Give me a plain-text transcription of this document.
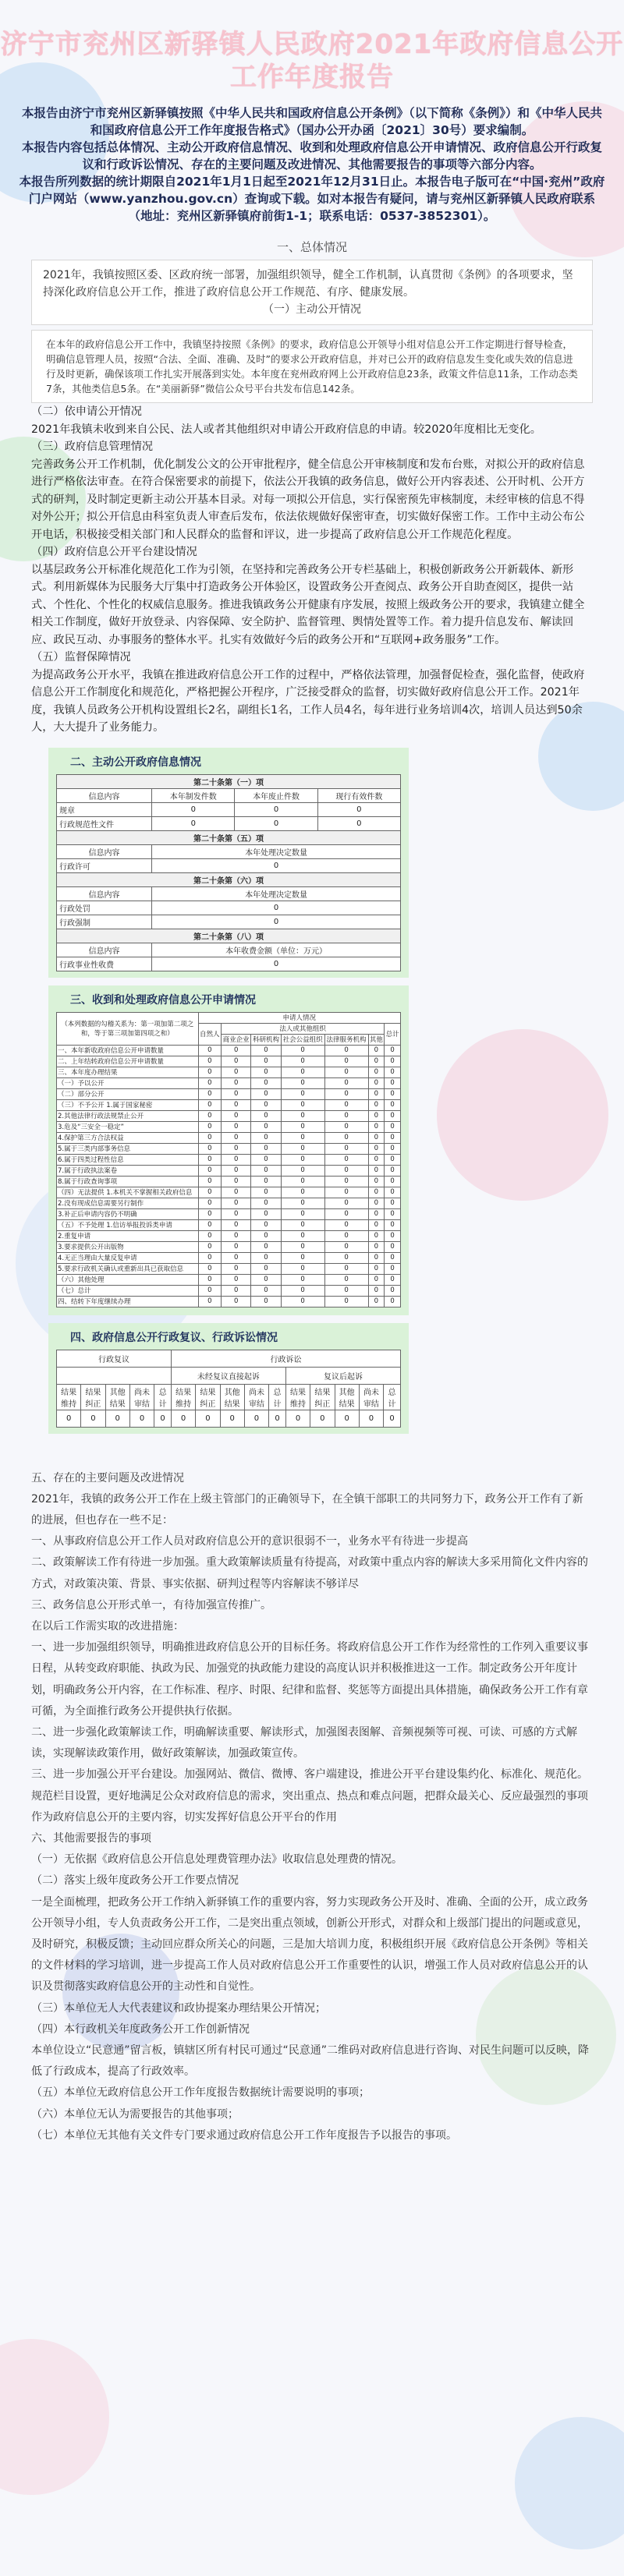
济宁市兖州区新驿镇人民政府2021年政府信息公开工作年度报告

本报告由济宁市兖州区新驿镇按照《中华人民共和国政府信息公开条例》（以下简称《条例》）和《中华人民共和国政府信息公开工作年度报告格式》（国办公开办函〔2021〕30号）要求编制。

本报告内容包括总体情况、主动公开政府信息情况、收到和处理政府信息公开申请情况、政府信息公开行政复议和行政诉讼情况、存在的主要问题及改进情况、其他需要报告的事项等六部分内容。

本报告所列数据的统计期限自2021年1月1日起至2021年12月31日止。本报告电子版可在“中国·兖州”政府门户网站（www.yanzhou.gov.cn）查询或下载。如对本报告有疑问，请与兖州区新驿镇人民政府联系（地址：兖州区新驿镇府前街1-1；联系电话：0537-3852301）。

一、总体情况

2021年，我镇按照区委、区政府统一部署，加强组织领导，健全工作机制，认真贯彻《条例》的各项要求，坚持深化政府信息公开工作，推进了政府信息公开工作规范、有序、健康发展。

（一）主动公开情况

在本年的政府信息公开工作中，我镇坚持按照《条例》的要求，政府信息公开领导小组对信息公开工作定期进行督导检查，明确信息管理人员，按照“合法、全面、准确、及时”的要求公开政府信息，并对已公开的政府信息发生变化或失效的信息进行及时更新，确保该项工作扎实开展落到实处。本年度在兖州政府网上公开政府信息23条，政策文件信息11条，工作动态类7条，其他类信息5条。在“美丽新驿”微信公众号平台共发布信息142条。

（二）依申请公开情况
2021年我镇未收到来自公民、法人或者其他组织对申请公开政府信息的申请。较2020年度相比无变化。
（三）政府信息管理情况
完善政务公开工作机制，优化制发公文的公开审批程序，健全信息公开审核制度和发布台账，对拟公开的政府信息进行严格依法审查。在符合保密要求的前提下，依法公开我镇的政务信息，做好公开内容表述、公开时机、公开方式的研判，及时制定更新主动公开基本目录。对每一项拟公开信息，实行保密预先审核制度，未经审核的信息不得对外公开；拟公开信息由科室负责人审查后发布，依法依规做好保密审查，切实做好保密工作。工作中主动公布公开电话，积极接受相关部门和人民群众的监督和评议，进一步提高了政府信息公开工作规范化程度。
（四）政府信息公开平台建设情况
以基层政务公开标准化规范化工作为引领，在坚持和完善政务公开专栏基础上，积极创新政务公开新载体、新形式。利用新媒体为民服务大厅集中打造政务公开体验区，设置政务公开查阅点、政务公开自助查阅区，提供一站式、个性化、个性化的权威信息服务。推进我镇政务公开健康有序发展，按照上级政务公开的要求，我镇建立健全相关工作制度，做好开放登录、内容保障、安全防护、监督管理、舆情处置等工作。着力提升信息发布、解读回应、政民互动、办事服务的整体水平。扎实有效做好今后的政务公开和“互联网+政务服务”工作。
（五）监督保障情况
为提高政务公开水平，我镇在推进政府信息公开工作的过程中，严格依法管理，加强督促检查，强化监督，使政府信息公开工作制度化和规范化，严格把握公开程序，广泛接受群众的监督，切实做好政府信息公开工作。2021年度，我镇人员政务公开机构设置组长2名，副组长1名，工作人员4名，每年进行业务培训4次，培训人员达到50余人，大大提升了业务能力。
二、主动公开政府信息情况
第二十条第（一）项			
信息内容	本年制发件数	本年废止件数	现行有效件数
规章	0	0	0
行政规范性文件	0	0	0
第二十条第（五）项			
信息内容	本年处理决定数量		
行政许可	0		
第二十条第（六）项			
信息内容	本年处理决定数量		
行政处罚	0		
行政强制	0		
第二十条第（八）项			
信息内容	本年收费金额（单位：万元）		
行政事业性收费	0		
三、收到和处理政府信息公开申请情况
（本列数据的勾稽关系为：第一项加第二项之和，等于第三项加第四项之和）	申请人情况						
	自然人	法人或其他组织					总计
		商业企业	科研机构	社会公益组织	法律服务机构	其他	
一、本年新收政府信息公开申请数量	0	0	0	0	0	0	0
二、上年结转政府信息公开申请数量	0	0	0	0	0	0	0
三、本年度办理结果	0	0	0	0	0	0	0
（一）予以公开	0	0	0	0	0	0	0
（二）部分公开	0	0	0	0	0	0	0
（三）不予公开 1.属于国家秘密	0	0	0	0	0	0	0
2.其他法律行政法规禁止公开	0	0	0	0	0	0	0
3.危及“三安全一稳定”	0	0	0	0	0	0	0
4.保护第三方合法权益	0	0	0	0	0	0	0
5.属于三类内部事务信息	0	0	0	0	0	0	0
6.属于四类过程性信息	0	0	0	0	0	0	0
7.属于行政执法案卷	0	0	0	0	0	0	0
8.属于行政查询事项	0	0	0	0	0	0	0
（四）无法提供 1.本机关不掌握相关政府信息	0	0	0	0	0	0	0
2.没有现成信息需要另行制作	0	0	0	0	0	0	0
3.补正后申请内容仍不明确	0	0	0	0	0	0	0
（五）不予处理 1.信访举报投诉类申请	0	0	0	0	0	0	0
2.重复申请	0	0	0	0	0	0	0
3.要求提供公开出版物	0	0	0	0	0	0	0
4.无正当理由大量反复申请	0	0	0	0	0	0	0
5.要求行政机关确认或重新出具已获取信息	0	0	0	0	0	0	0
（六）其他处理	0	0	0	0	0	0	0
（七）总计	0	0	0	0	0	0	0
四、结转下年度继续办理	0	0	0	0	0	0	0
四、政府信息公开行政复议、行政诉讼情况
行政复议					行政诉讼									
					未经复议直接起诉					复议后起诉				
结果维持	结果纠正	其他结果	尚未审结	总计	结果维持	结果纠正	其他结果	尚未审结	总计	结果维持	结果纠正	其他结果	尚未审结	总计
0	0	0	0	0	0	0	0	0	0	0	0	0	0	0

五、存在的主要问题及改进情况

2021年，我镇的政务公开工作在上级主管部门的正确领导下，在全镇干部职工的共同努力下，政务公开工作有了新的进展，但也存在一些不足：

一、从事政府信息公开工作人员对政府信息公开的意识很弱不一，业务水平有待进一步提高

二、政策解读工作有待进一步加强。重大政策解读质量有待提高，对政策中重点内容的解读大多采用简化文件内容的方式，对政策决策、背景、事实依据、研判过程等内容解读不够详尽

三、政务信息公开形式单一，有待加强宣传推广。

在以后工作需实取的改进措施：

一、进一步加强组织领导，明确推进政府信息公开的目标任务。将政府信息公开工作作为经常性的工作列入重要议事日程，从转变政府职能、执政为民、加强党的执政能力建设的高度认识并积极推进这一工作。制定政务公开年度计划，明确政务公开内容，在工作标准、程序、时限、纪律和监督、奖惩等方面提出具体措施，确保政务公开工作有章可循，为全面推行政务公开提供执行依据。

二、进一步强化政策解读工作，明确解读重要、解读形式，加强图表图解、音频视频等可视、可读、可感的方式解读，实现解读政策作用，做好政策解读，加强政策宣传。

三、进一步加强公开平台建设。加强网站、微信、微博、客户端建设，推进公开平台建设集约化、标准化、规范化。规范栏目设置，更好地满足公众对政府信息的需求，突出重点、热点和难点问题，把群众最关心、反应最强烈的事项作为政府信息公开的主要内容，切实发挥好信息公开平台的作用

六、其他需要报告的事项

（一）无依据《政府信息公开信息处理费管理办法》收取信息处理费的情况。

（二）落实上级年度政务公开工作要点情况

一是全面梳理，把政务公开工作纳入新驿镇工作的重要内容，努力实现政务公开及时、准确、全面的公开，成立政务公开领导小组，专人负责政务公开工作，二是突出重点领域，创新公开形式，对群众和上级部门提出的问题或意见，及时研究，积极反馈；主动回应群众所关心的问题，三是加大培训力度，积极组织开展《政府信息公开条例》等相关的文件材料的学习培训，进一步提高工作人员对政府信息公开工作重要性的认识，增强工作人员对政府信息公开的认识及贯彻落实政府信息公开的主动性和自觉性。

（三）本单位无人大代表建议和政协提案办理结果公开情况；

（四）本行政机关年度政务公开工作创新情况

本单位设立“民意通”留言板，镇辖区所有村民可通过“民意通”二维码对政府信息进行咨询、对民生问题可以反映，降低了行政成本，提高了行政效率。

（五）本单位无政府信息公开工作年度报告数据统计需要说明的事项；

（六）本单位无认为需要报告的其他事项；

（七）本单位无其他有关文件专门要求通过政府信息公开工作年度报告予以报告的事项。
